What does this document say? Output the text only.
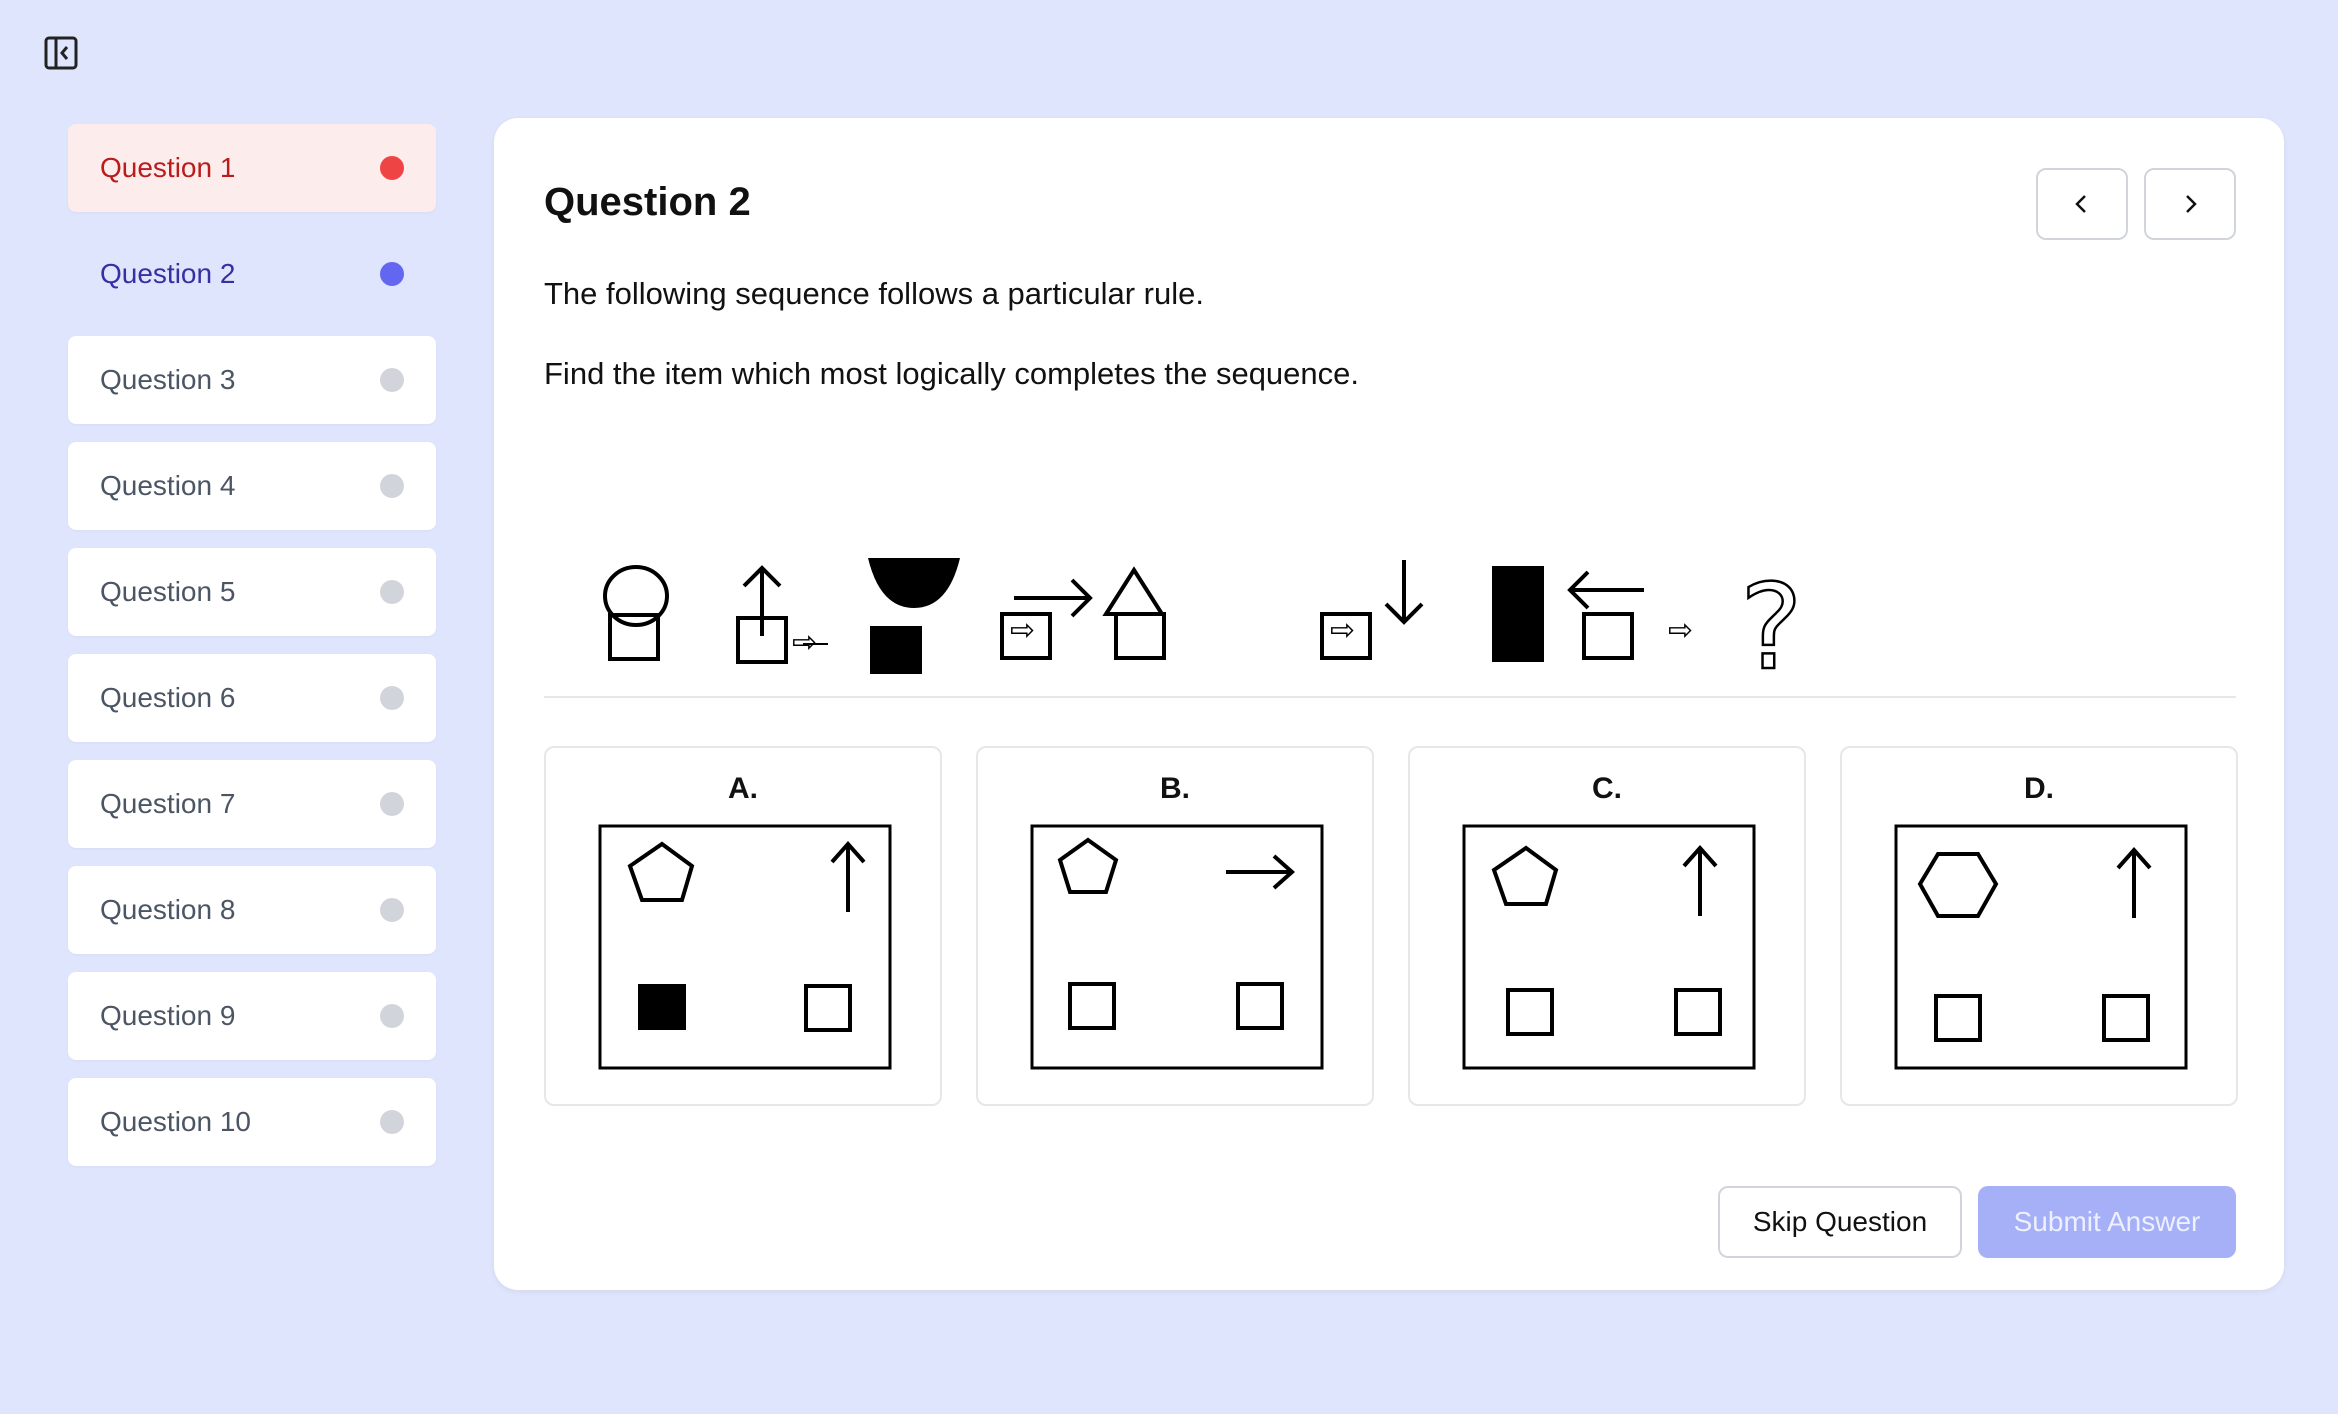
Question 1
Question 2
Question 3
Question 4
Question 5
Question 6
Question 7
Question 8
Question 9
Question 10
Question 2
The following sequence follows a particular rule.
Find the item which most logically completes the sequence.
⇨	⇨	⇨	⇨ ?
A.	B.	C.	D.
Skip Question	Submit Answer
